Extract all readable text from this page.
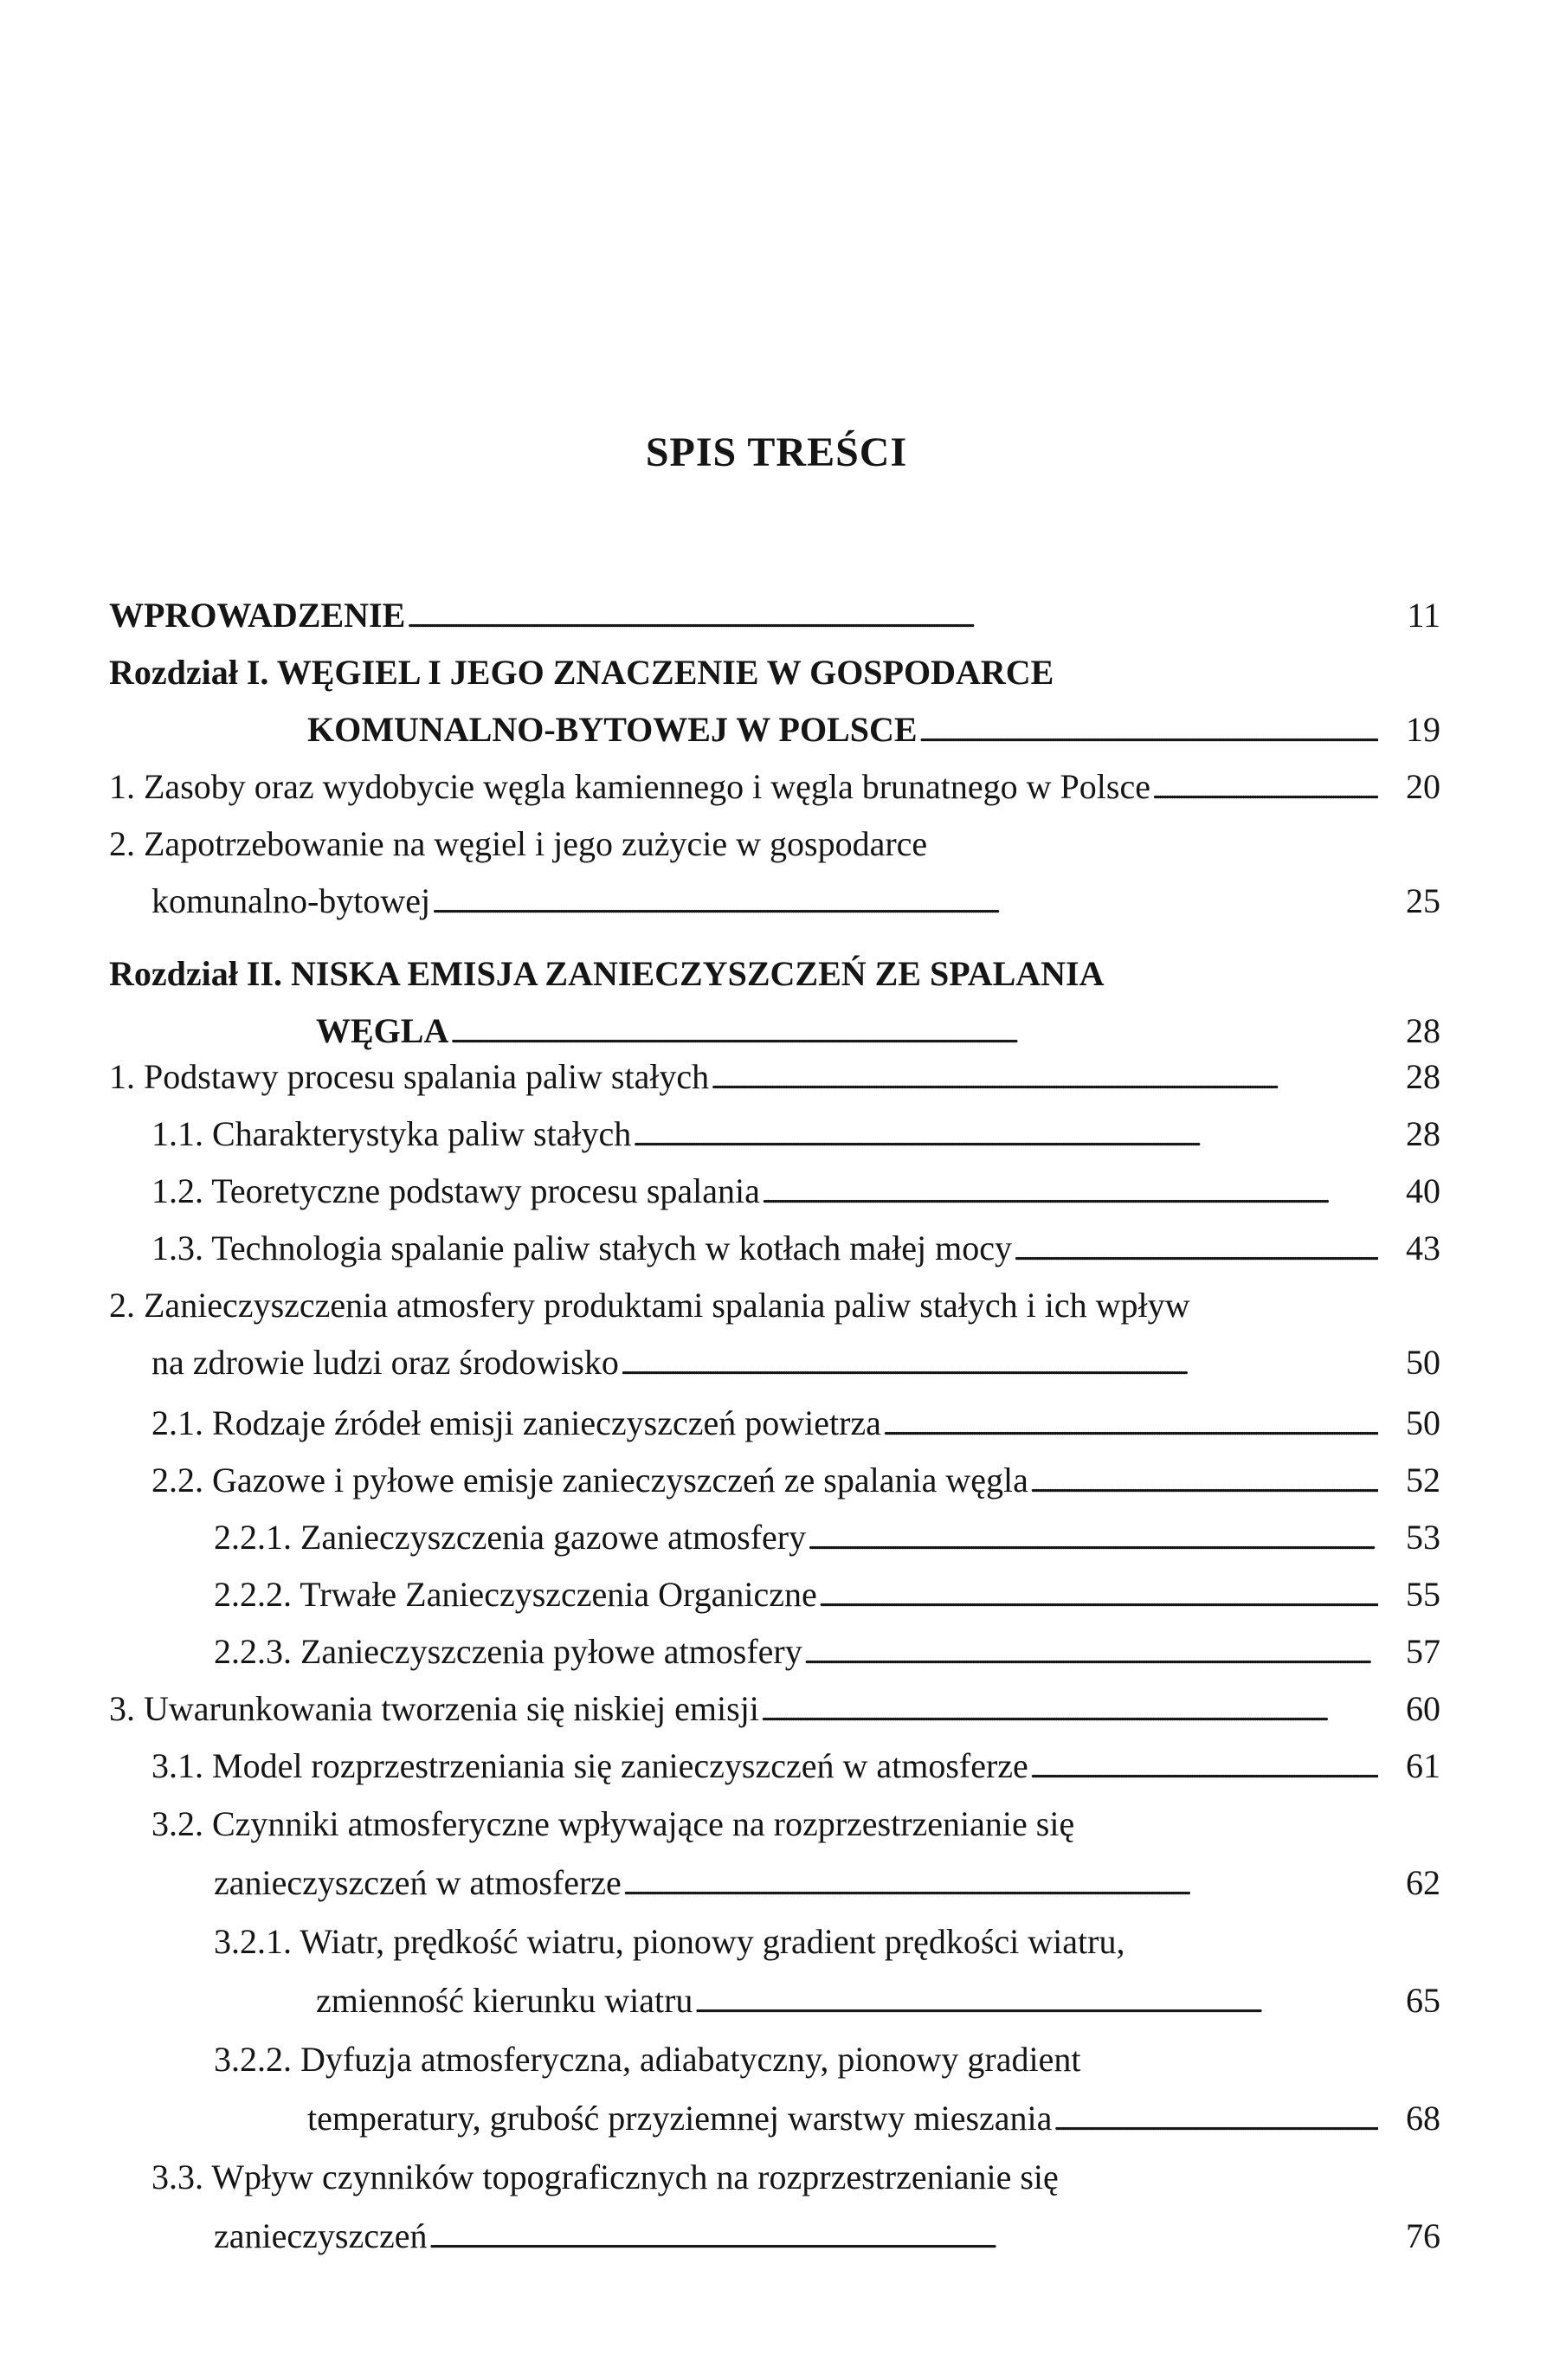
SPIS TREŚCI
WPROWADZENIE . . .	11
Rozdział I. WĘGIEL I JEGO ZNACZENIE W GOSPODARCE
KOMUNALNO-BYTOWEJ W POLSCE . . .	19
1. Zasoby oraz wydobycie węgla kamiennego i węgla brunatnego w Polsce . . .	20
2. Zapotrzebowanie na węgiel i jego zużycie w gospodarce
komunalno-bytowej . . .	25
Rozdział II. NISKA EMISJA ZANIECZYSZCZEŃ ZE SPALANIA
WĘGLA . . .	28
1. Podstawy procesu spalania paliw stałych . . .	28
1.1. Charakterystyka paliw stałych . . .	28
1.2. Teoretyczne podstawy procesu spalania . . .	40
1.3. Technologia spalanie paliw stałych w kotłach małej mocy . . .	43
2. Zanieczyszczenia atmosfery produktami spalania paliw stałych i ich wpływ
na zdrowie ludzi oraz środowisko . . .	50
2.1. Rodzaje źródeł emisji zanieczyszczeń powietrza . . .	50
2.2. Gazowe i pyłowe emisje zanieczyszczeń ze spalania węgla . . .	52
2.2.1. Zanieczyszczenia gazowe atmosfery . . .	53
2.2.2. Trwałe Zanieczyszczenia Organiczne . . .	55
2.2.3. Zanieczyszczenia pyłowe atmosfery . . .	57
3. Uwarunkowania tworzenia się niskiej emisji . . .	60
3.1. Model rozprzestrzeniania się zanieczyszczeń w atmosferze . . .	61
3.2. Czynniki atmosferyczne wpływające na rozprzestrzenianie się
zanieczyszczeń w atmosferze . . .	62
3.2.1. Wiatr, prędkość wiatru, pionowy gradient prędkości wiatru,
zmienność kierunku wiatru . . .	65
3.2.2. Dyfuzja atmosferyczna, adiabatyczny, pionowy gradient
temperatury, grubość przyziemnej warstwy mieszania . . .	68
3.3. Wpływ czynników topograficznych na rozprzestrzenianie się
zanieczyszczeń . . .	76
